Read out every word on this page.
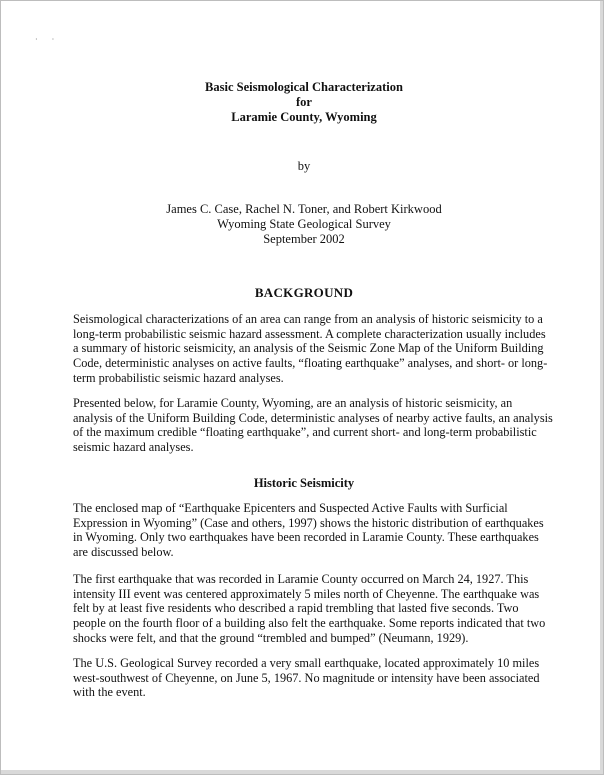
· ·
Basic Seismological Characterization
for
Laramie County, Wyoming
by
James C. Case, Rachel N. Toner, and Robert Kirkwood
Wyoming State Geological Survey
September 2002
BACKGROUND
Seismological characterizations of an area can range from an analysis of historic seismicity to a
long-term probabilistic seismic hazard assessment. A complete characterization usually includes
a summary of historic seismicity, an analysis of the Seismic Zone Map of the Uniform Building
Code, deterministic analyses on active faults, “floating earthquake” analyses, and short- or long-
term probabilistic seismic hazard analyses.
Presented below, for Laramie County, Wyoming, are an analysis of historic seismicity, an
analysis of the Uniform Building Code, deterministic analyses of nearby active faults, an analysis
of the maximum credible “floating earthquake”, and current short- and long-term probabilistic
seismic hazard analyses.
Historic Seismicity
The enclosed map of “Earthquake Epicenters and Suspected Active Faults with Surficial
Expression in Wyoming” (Case and others, 1997) shows the historic distribution of earthquakes
in Wyoming. Only two earthquakes have been recorded in Laramie County. These earthquakes
are discussed below.
The first earthquake that was recorded in Laramie County occurred on March 24, 1927. This
intensity III event was centered approximately 5 miles north of Cheyenne. The earthquake was
felt by at least five residents who described a rapid trembling that lasted five seconds. Two
people on the fourth floor of a building also felt the earthquake. Some reports indicated that two
shocks were felt, and that the ground “trembled and bumped” (Neumann, 1929).
The U.S. Geological Survey recorded a very small earthquake, located approximately 10 miles
west-southwest of Cheyenne, on June 5, 1967. No magnitude or intensity have been associated
with the event.
